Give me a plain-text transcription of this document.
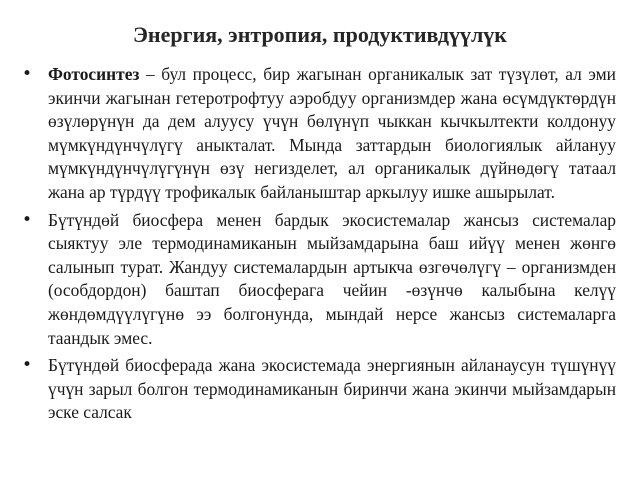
Энергия, энтропия, продуктивдүүлүк
• Фотосинтез – бул процесс, бир жагынан органикалык зат түзүлөт, ал эми экинчи жагынан гетеротрофтуу аэробдуу организмдер жана өсүмдүктөрдүн өзүлөрүнүн да дем алуусу үчүн бөлүнүп чыккан кычкылтекти колдонуу мүмкүндүнчүлүгү аныкталат. Мында заттардын биологиялык айлануу мүмкүндүнчүлүгүнүн өзү негизделет, ал органикалык дүйнөдөгү татаал жана ар түрдүү трофикалык байланыштар аркылуу ишке ашырылат.
• Бүтүндөй биосфера менен бардык экосистемалар жансыз системалар сыяктуу эле термодинамиканын мыйзамдарына баш ийүү менен жөнгө салынып турат. Жандуу системалардын артыкча өзгөчөлүгү – организмден (особдордон) баштап биосферага чейин -өзүнчө калыбына келүү жөндөмдүүлүгүнө ээ болгонунда, мындай нерсе жансыз системаларга таандык эмес.
• Бүтүндөй биосферада жана экосистемада энергиянын айланаусун түшүнүү үчүн зарыл болгон термодинамиканын биринчи жана экинчи мыйзамдарын эске салсак
